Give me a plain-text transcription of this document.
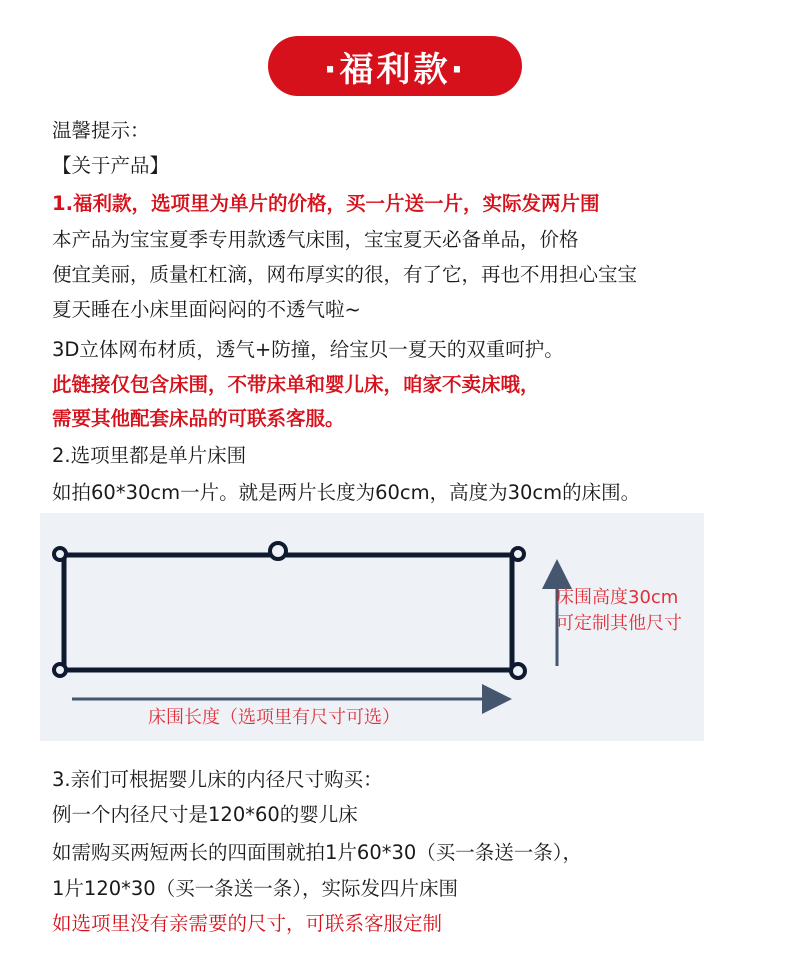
·福利款·
温馨提示：
【关于产品】
1.福利款，选项里为单片的价格，买一片送一片，实际发两片围
本产品为宝宝夏季专用款透气床围，宝宝夏天必备单品，价格
便宜美丽，质量杠杠滴，网布厚实的很，有了它，再也不用担心宝宝
夏天睡在小床里面闷闷的不透气啦~
3D立体网布材质，透气+防撞，给宝贝一夏天的双重呵护。
此链接仅包含床围，不带床单和婴儿床，咱家不卖床哦，
需要其他配套床品的可联系客服。
2.选项里都是单片床围
如拍60*30cm一片。就是两片长度为60cm，高度为30cm的床围。
床围高度30cm
可定制其他尺寸
床围长度（选项里有尺寸可选）
3.亲们可根据婴儿床的内径尺寸购买：
例一个内径尺寸是120*60的婴儿床
如需购买两短两长的四面围就拍1片60*30（买一条送一条），
1片120*30（买一条送一条），实际发四片床围
如选项里没有亲需要的尺寸，可联系客服定制
